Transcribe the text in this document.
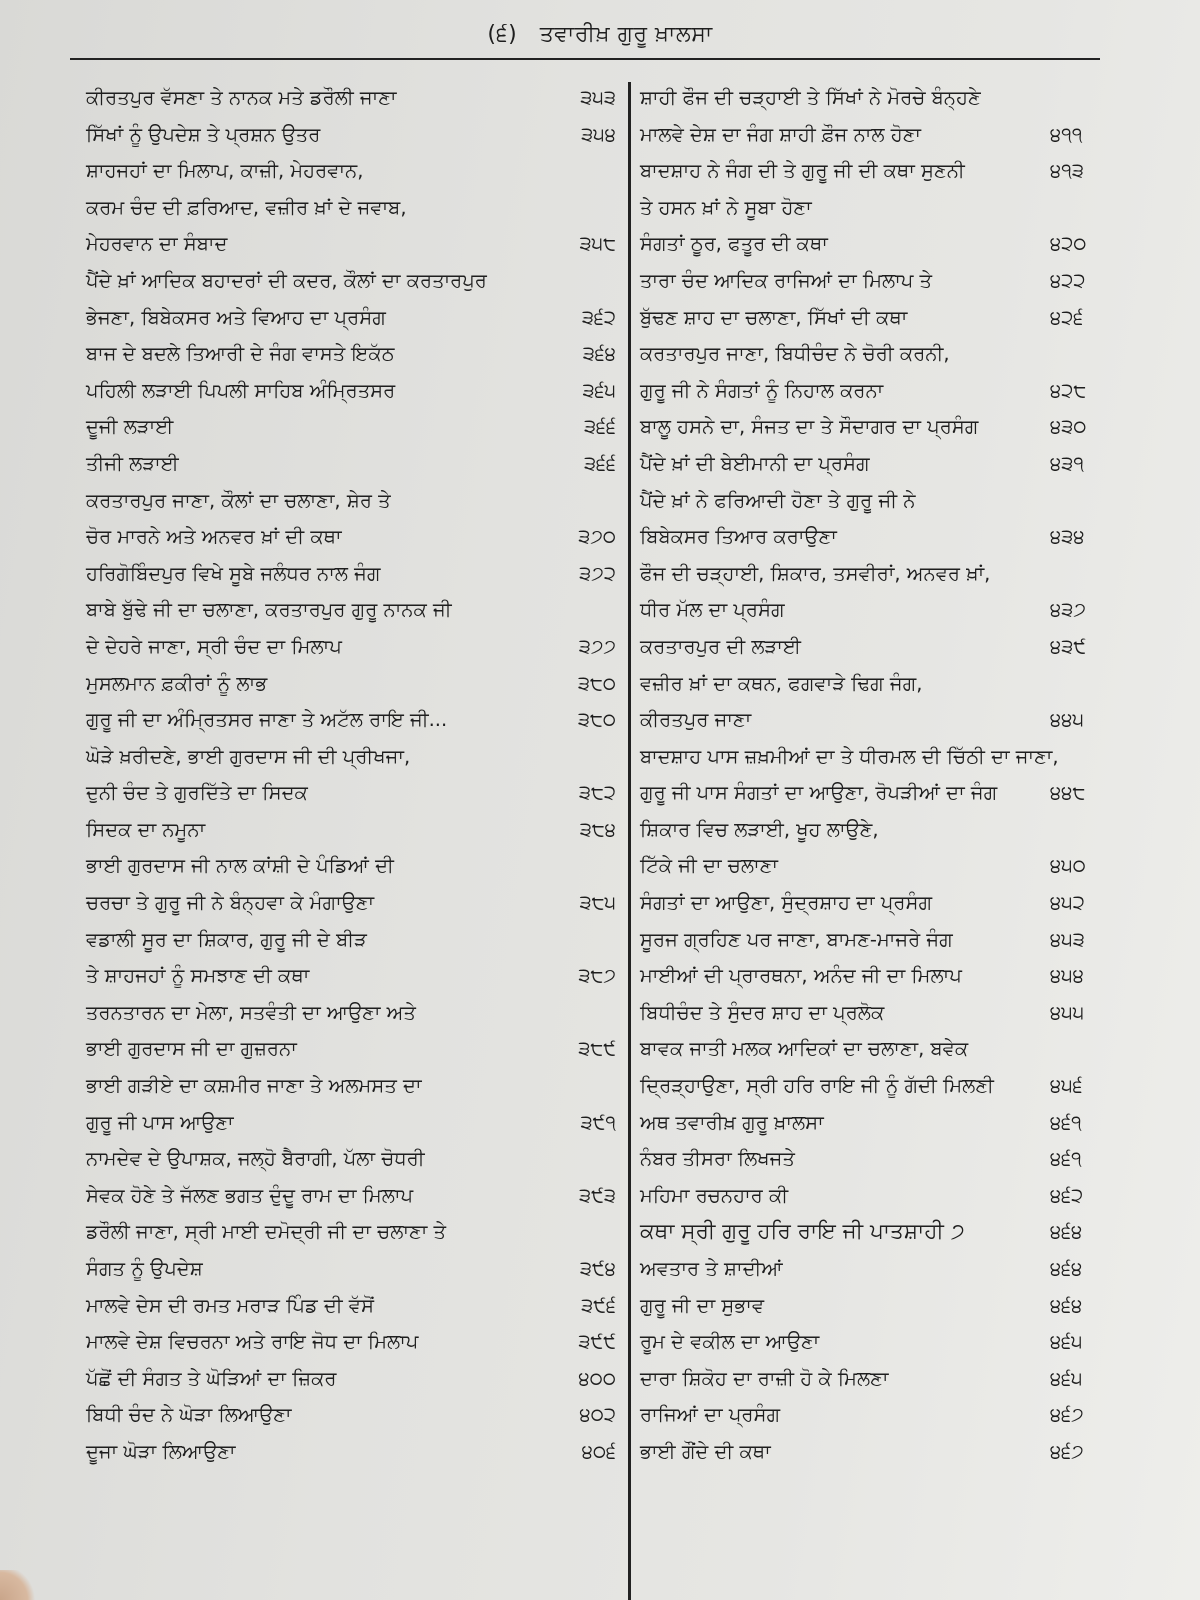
(੬) ਤਵਾਰੀਖ਼ ਗੁਰੂ ਖ਼ਾਲਸਾ
ਕੀਰਤਪੁਰ ਵੱਸਣਾ ਤੇ ਨਾਨਕ ਮਤੇ ਡਰੌਲੀ ਜਾਣਾ	੩੫੩
ਸਿੱਖਾਂ ਨੂੰ ਉਪਦੇਸ਼ ਤੇ ਪ੍ਰਸ਼ਨ ਉਤਰ	੩੫੪
ਸ਼ਾਹਜਹਾਂ ਦਾ ਮਿਲਾਪ, ਕਾਜ਼ੀ, ਮੇਹਰਵਾਨ,
ਕਰਮ ਚੰਦ ਦੀ ਫ਼ਰਿਆਦ, ਵਜ਼ੀਰ ਖ਼ਾਂ ਦੇ ਜਵਾਬ,
ਮੇਹਰਵਾਨ ਦਾ ਸੰਬਾਦ	੩੫੮
ਪੈਂਦੇ ਖ਼ਾਂ ਆਦਿਕ ਬਹਾਦਰਾਂ ਦੀ ਕਦਰ, ਕੌਲਾਂ ਦਾ ਕਰਤਾਰਪੁਰ
ਭੇਜਣਾ, ਬਿਬੇਕਸਰ ਅਤੇ ਵਿਆਹ ਦਾ ਪ੍ਰਸੰਗ	੩੬੨
ਬਾਜ ਦੇ ਬਦਲੇ ਤਿਆਰੀ ਦੇ ਜੰਗ ਵਾਸਤੇ ਇਕੱਠ	੩੬੪
ਪਹਿਲੀ ਲੜਾਈ ਪਿਪਲੀ ਸਾਹਿਬ ਅੰਮ੍ਰਿਤਸਰ	੩੬੫
ਦੂਜੀ ਲੜਾਈ	੩੬੬
ਤੀਜੀ ਲੜਾਈ	੩੬੬
ਕਰਤਾਰਪੁਰ ਜਾਣਾ, ਕੌਲਾਂ ਦਾ ਚਲਾਣਾ, ਸ਼ੇਰ ਤੇ
ਚੋਰ ਮਾਰਨੇ ਅਤੇ ਅਨਵਰ ਖ਼ਾਂ ਦੀ ਕਥਾ	੩੭੦
ਹਰਿਗੋਬਿੰਦਪੁਰ ਵਿਖੇ ਸੂਬੇ ਜਲੰਧਰ ਨਾਲ ਜੰਗ	੩੭੨
ਬਾਬੇ ਬੁੱਢੇ ਜੀ ਦਾ ਚਲਾਣਾ, ਕਰਤਾਰਪੁਰ ਗੁਰੂ ਨਾਨਕ ਜੀ
ਦੇ ਦੇਹਰੇ ਜਾਣਾ, ਸ੍ਰੀ ਚੰਦ ਦਾ ਮਿਲਾਪ	੩੭੭
ਮੁਸਲਮਾਨ ਫ਼ਕੀਰਾਂ ਨੂੰ ਲਾਭ	੩੮੦
ਗੁਰੂ ਜੀ ਦਾ ਅੰਮ੍ਰਿਤਸਰ ਜਾਣਾ ਤੇ ਅਟੱਲ ਰਾਇ ਜੀ...	੩੮੦
ਘੋੜੇ ਖ਼ਰੀਦਣੇ, ਭਾਈ ਗੁਰਦਾਸ ਜੀ ਦੀ ਪ੍ਰੀਖਜਾ,
ਦੁਨੀ ਚੰਦ ਤੇ ਗੁਰਦਿੱਤੇ ਦਾ ਸਿਦਕ	੩੮੨
ਸਿਦਕ ਦਾ ਨਮੂਨਾ	੩੮੪
ਭਾਈ ਗੁਰਦਾਸ ਜੀ ਨਾਲ ਕਾਂਸ਼ੀ ਦੇ ਪੰਡਿਆਂ ਦੀ
ਚਰਚਾ ਤੇ ਗੁਰੂ ਜੀ ਨੇ ਬੰਨ੍ਹਵਾ ਕੇ ਮੰਗਾਉਣਾ	੩੮੫
ਵਡਾਲੀ ਸੂਰ ਦਾ ਸ਼ਿਕਾਰ, ਗੁਰੂ ਜੀ ਦੇ ਬੀੜ
ਤੇ ਸ਼ਾਹਜਹਾਂ ਨੂੰ ਸਮਝਾਣ ਦੀ ਕਥਾ	੩੮੭
ਤਰਨਤਾਰਨ ਦਾ ਮੇਲਾ, ਸਤਵੰਤੀ ਦਾ ਆਉਣਾ ਅਤੇ
ਭਾਈ ਗੁਰਦਾਸ ਜੀ ਦਾ ਗੁਜ਼ਰਨਾ	੩੮੯
ਭਾਈ ਗੜੀਏ ਦਾ ਕਸ਼ਮੀਰ ਜਾਣਾ ਤੇ ਅਲਮਸਤ ਦਾ
ਗੁਰੂ ਜੀ ਪਾਸ ਆਉਣਾ	੩੯੧
ਨਾਮਦੇਵ ਦੇ ਉਪਾਸ਼ਕ, ਜਲ੍ਹੋ ਬੈਰਾਗੀ, ਪੱਲਾ ਚੋਧਰੀ
ਸੇਵਕ ਹੋਣੇ ਤੇ ਜੱਲਣ ਭਗਤ ਦੁੰਦੂ ਰਾਮ ਦਾ ਮਿਲਾਪ	੩੯੩
ਡਰੌਲੀ ਜਾਣਾ, ਸ੍ਰੀ ਮਾਈ ਦਮੋਦ੍ਰੀ ਜੀ ਦਾ ਚਲਾਣਾ ਤੇ
ਸੰਗਤ ਨੂੰ ਉਪਦੇਸ਼	੩੯੪
ਮਾਲਵੇ ਦੇਸ ਦੀ ਰਮਤ ਮਰਾੜ ਪਿੰਡ ਦੀ ਵੱਸੋਂ	੩੯੬
ਮਾਲਵੇ ਦੇਸ਼ ਵਿਚਰਨਾ ਅਤੇ ਰਾਇ ਜੋਧ ਦਾ ਮਿਲਾਪ	੩੯੯
ਪੱਛੋਂ ਦੀ ਸੰਗਤ ਤੇ ਘੋੜਿਆਂ ਦਾ ਜ਼ਿਕਰ	੪੦੦
ਬਿਧੀ ਚੰਦ ਨੇ ਘੋੜਾ ਲਿਆਉਣਾ	੪੦੨
ਦੂਜਾ ਘੋੜਾ ਲਿਆਉਣਾ	੪੦੬
ਸ਼ਾਹੀ ਫੌਜ ਦੀ ਚੜ੍ਹਾਈ ਤੇ ਸਿੱਖਾਂ ਨੇ ਮੋਰਚੇ ਬੰਨ੍ਹਣੇ
ਮਾਲਵੇ ਦੇਸ਼ ਦਾ ਜੰਗ ਸ਼ਾਹੀ ਫ਼ੌਜ ਨਾਲ ਹੋਣਾ	੪੧੧
ਬਾਦਸ਼ਾਹ ਨੇ ਜੰਗ ਦੀ ਤੇ ਗੁਰੂ ਜੀ ਦੀ ਕਥਾ ਸੁਣਨੀ	੪੧੩
ਤੇ ਹਸਨ ਖ਼ਾਂ ਨੇ ਸੂਬਾ ਹੋਣਾ
ਸੰਗਤਾਂ ਠੂਰ, ਫਤੂਰ ਦੀ ਕਥਾ	੪੨੦
ਤਾਰਾ ਚੰਦ ਆਦਿਕ ਰਾਜਿਆਂ ਦਾ ਮਿਲਾਪ ਤੇ	੪੨੨
ਬੁੱਢਣ ਸ਼ਾਹ ਦਾ ਚਲਾਣਾ, ਸਿੱਖਾਂ ਦੀ ਕਥਾ	੪੨੬
ਕਰਤਾਰਪੁਰ ਜਾਣਾ, ਬਿਧੀਚੰਦ ਨੇ ਚੋਰੀ ਕਰਨੀ,
ਗੁਰੂ ਜੀ ਨੇ ਸੰਗਤਾਂ ਨੂੰ ਨਿਹਾਲ ਕਰਨਾ	੪੨੮
ਬਾਲੂ ਹਸਨੇ ਦਾ, ਸੰਜਤ ਦਾ ਤੇ ਸੌਦਾਗਰ ਦਾ ਪ੍ਰਸੰਗ	੪੩੦
ਪੈਂਦੇ ਖ਼ਾਂ ਦੀ ਬੇਈਮਾਨੀ ਦਾ ਪ੍ਰਸੰਗ	੪੩੧
ਪੈਂਦੇ ਖ਼ਾਂ ਨੇ ਫਰਿਆਦੀ ਹੋਣਾ ਤੇ ਗੁਰੂ ਜੀ ਨੇ
ਬਿਬੇਕਸਰ ਤਿਆਰ ਕਰਾਉਣਾ	੪੩੪
ਫੌਜ ਦੀ ਚੜ੍ਹਾਈ, ਸ਼ਿਕਾਰ, ਤਸਵੀਰਾਂ, ਅਨਵਰ ਖ਼ਾਂ,
ਧੀਰ ਮੱਲ ਦਾ ਪ੍ਰਸੰਗ	੪੩੭
ਕਰਤਾਰਪੁਰ ਦੀ ਲੜਾਈ	੪੩੯
ਵਜ਼ੀਰ ਖ਼ਾਂ ਦਾ ਕਥਨ, ਫਗਵਾੜੇ ਢਿਗ ਜੰਗ,
ਕੀਰਤਪੁਰ ਜਾਣਾ	੪੪੫
ਬਾਦਸ਼ਾਹ ਪਾਸ ਜ਼ਖ਼ਮੀਆਂ ਦਾ ਤੇ ਧੀਰਮਲ ਦੀ ਚਿੱਠੀ ਦਾ ਜਾਣਾ,
ਗੁਰੂ ਜੀ ਪਾਸ ਸੰਗਤਾਂ ਦਾ ਆਉਣਾ, ਰੋਪੜੀਆਂ ਦਾ ਜੰਗ	੪੪੮
ਸ਼ਿਕਾਰ ਵਿਚ ਲੜਾਈ, ਖੂਹ ਲਾਉਣੇ,
ਟਿੱਕੇ ਜੀ ਦਾ ਚਲਾਣਾ	੪੫੦
ਸੰਗਤਾਂ ਦਾ ਆਉਣਾ, ਸੁੰਦ੍ਰਸ਼ਾਹ ਦਾ ਪ੍ਰਸੰਗ	੪੫੨
ਸੂਰਜ ਗ੍ਰਹਿਣ ਪਰ ਜਾਣਾ, ਬਾਮਣ-ਮਾਜਰੇ ਜੰਗ	੪੫੩
ਮਾਈਆਂ ਦੀ ਪ੍ਰਾਰਥਨਾ, ਅਨੰਦ ਜੀ ਦਾ ਮਿਲਾਪ	੪੫੪
ਬਿਧੀਚੰਦ ਤੇ ਸੁੰਦਰ ਸ਼ਾਹ ਦਾ ਪ੍ਰਲੋਕ	੪੫੫
ਬਾਵਕ ਜਾਤੀ ਮਲਕ ਆਦਿਕਾਂ ਦਾ ਚਲਾਣਾ, ਬਵੇਕ
ਦ੍ਰਿੜ੍ਹਾਉਣਾ, ਸ੍ਰੀ ਹਰਿ ਰਾਇ ਜੀ ਨੂੰ ਗੱਦੀ ਮਿਲਣੀ	੪੫੬
ਅਥ ਤਵਾਰੀਖ਼ ਗੁਰੂ ਖ਼ਾਲਸਾ	੪੬੧
ਨੰਬਰ ਤੀਸਰਾ ਲਿਖਜਤੇ	੪੬੧
ਮਹਿਮਾ ਰਚਨਹਾਰ ਕੀ	੪੬੨
ਕਥਾ ਸ੍ਰੀ ਗੁਰੂ ਹਰਿ ਰਾਇ ਜੀ ਪਾਤਸ਼ਾਹੀ ੭	੪੬੪
ਅਵਤਾਰ ਤੇ ਸ਼ਾਦੀਆਂ	੪੬੪
ਗੁਰੂ ਜੀ ਦਾ ਸੁਭਾਵ	੪੬੪
ਰੂਮ ਦੇ ਵਕੀਲ ਦਾ ਆਉਣਾ	੪੬੫
ਦਾਰਾ ਸ਼ਿਕੋਹ ਦਾ ਰਾਜ਼ੀ ਹੋ ਕੇ ਮਿਲਣਾ	੪੬੫
ਰਾਜਿਆਂ ਦਾ ਪ੍ਰਸੰਗ	੪੬੭
ਭਾਈ ਗੌਂਦੇ ਦੀ ਕਥਾ	੪੬੭
